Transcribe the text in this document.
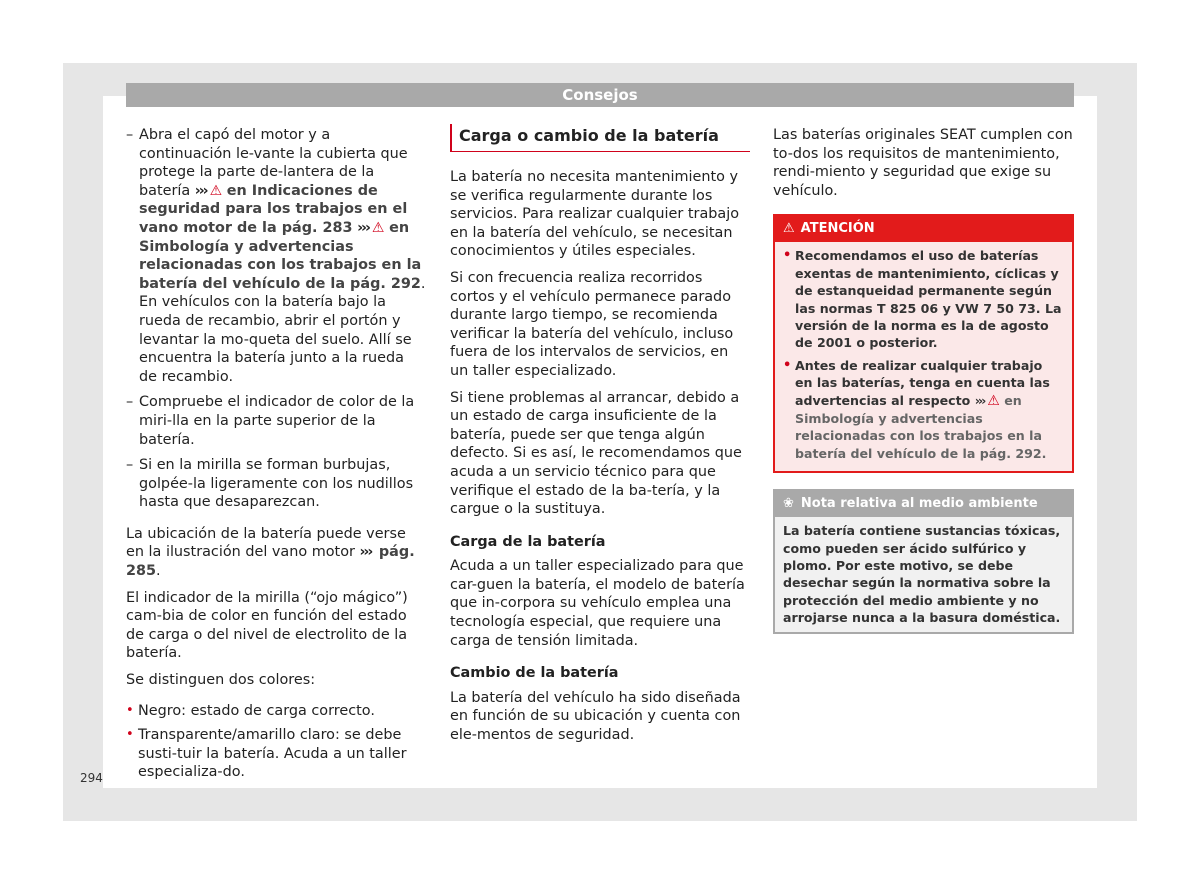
Consejos
– Abra el capó del motor y a continuación le-vante la cubierta que protege la parte de-lantera de la batería ››› ⚠ en Indicaciones de seguridad para los trabajos en el vano motor de la pág. 283 ››› ⚠ en Simbología y advertencias relacionadas con los trabajos en la batería del vehículo de la pág. 292. En vehículos con la batería bajo la rueda de recambio, abrir el portón y levantar la mo-queta del suelo. Allí se encuentra la batería junto a la rueda de recambio.
– Compruebe el indicador de color de la miri-lla en la parte superior de la batería.
– Si en la mirilla se forman burbujas, golpée-la ligeramente con los nudillos hasta que desaparezcan.

La ubicación de la batería puede verse en la ilustración del vano motor ››› pág. 285.

El indicador de la mirilla (“ojo mágico”) cam-bia de color en función del estado de carga o del nivel de electrolito de la batería.

Se distinguen dos colores:

• Negro: estado de carga correcto.
• Transparente/amarillo claro: se debe susti-tuir la batería. Acuda a un taller especializa-do.
Carga o cambio de la batería

La batería no necesita mantenimiento y se verifica regularmente durante los servicios. Para realizar cualquier trabajo en la batería del vehículo, se necesitan conocimientos y útiles especiales.

Si con frecuencia realiza recorridos cortos y el vehículo permanece parado durante largo tiempo, se recomienda verificar la batería del vehículo, incluso fuera de los intervalos de servicios, en un taller especializado.

Si tiene problemas al arrancar, debido a un estado de carga insuficiente de la batería, puede ser que tenga algún defecto. Si es así, le recomendamos que acuda a un servicio técnico para que verifique el estado de la ba-tería, y la cargue o la sustituya.

Carga de la batería

Acuda a un taller especializado para que car-guen la batería, el modelo de batería que in-corpora su vehículo emplea una tecnología especial, que requiere una carga de tensión limitada.

Cambio de la batería

La batería del vehículo ha sido diseñada en función de su ubicación y cuenta con ele-mentos de seguridad.

Las baterías originales SEAT cumplen con to-dos los requisitos de mantenimiento, rendi-miento y seguridad que exige su vehículo.

⚠ ATENCIÓN
• Recomendamos el uso de baterías exentas de mantenimiento, cíclicas y de estanqueidad permanente según las normas T 825 06 y VW 7 50 73. La versión de la norma es la de agosto de 2001 o posterior.
• Antes de realizar cualquier trabajo en las baterías, tenga en cuenta las advertencias al respecto ››› ⚠ en Simbología y advertencias relacionadas con los trabajos en la batería del vehículo de la pág. 292.
❀ Nota relativa al medio ambiente
La batería contiene sustancias tóxicas, como pueden ser ácido sulfúrico y plomo. Por este motivo, se debe desechar según la normativa sobre la protección del medio ambiente y no arrojarse nunca a la basura doméstica.
294
